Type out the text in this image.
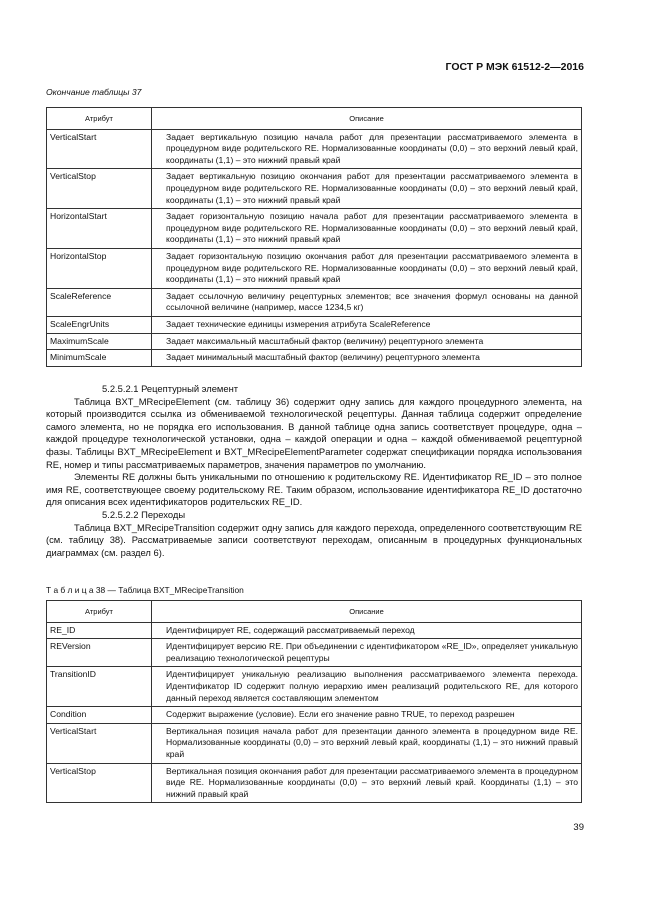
ГОСТ Р МЭК 61512-2—2016
Окончание таблицы 37
Атрибут	Описание
VerticalStart	Задает вертикальную позицию начала работ для презентации рассматриваемого элемента в процедурном виде родительского RE. Нормализованные координаты (0,0) – это верхний левый край, координаты (1,1) – это нижний правый край
VerticalStop	Задает вертикальную позицию окончания работ для презентации рассматриваемого элемента в процедурном виде родительского RE. Нормализованные координаты (0,0) – это верхний левый край, координаты (1,1) – это нижний правый край
HorizontalStart	Задает горизонтальную позицию начала работ для презентации рассматриваемого элемента в процедурном виде родительского RE. Нормализованные координаты (0,0) – это верхний левый край, координаты (1,1) – это нижний правый край
HorizontalStop	Задает горизонтальную позицию окончания работ для презентации рассматриваемого элемента в процедурном виде родительского RE. Нормализованные координаты (0,0) – это верхний левый край, координаты (1,1) – это нижний правый край
ScaleReference	Задает ссылочную величину рецептурных элементов; все значения формул основаны на данной ссылочной величине (например, массе 1234,5 кг)
ScaleEngrUnits	Задает технические единицы измерения атрибута ScaleReference
MaximumScale	Задает максимальный масштабный фактор (величину) рецептурного элемента
MinimumScale	Задает минимальный масштабный фактор (величину) рецептурного элемента

5.2.5.2.1 Рецептурный элемент

Таблица BXT_MRecipeElement (см. таблицу 36) содержит одну запись для каждого процедурного элемента, на который производится ссылка из обмениваемой технологической рецептуры. Данная таблица содержит определение самого элемента, но не порядка его использования. В данной таблице одна запись соответствует процедуре, одна – каждой процедуре технологической установки, одна – каждой операции и одна – каждой обмениваемой рецептурной фазы. Таблицы BXT_MRecipeElement и BXT_MRecipeElementParameter содержат спецификации порядка использования RE, номер и типы рассматриваемых параметров, значения параметров по умолчанию.

Элементы RE должны быть уникальными по отношению к родительскому RE. Идентификатор RE_ID – это полное имя RE, соответствующее своему родительскому RE. Таким образом, использование идентификатора RE_ID достаточно для описания всех идентификаторов родительских RE_ID.

5.2.5.2.2 Переходы

Таблица BXT_MRecipeTransition содержит одну запись для каждого перехода, определенного соответствующим RE (см. таблицу 38). Рассматриваемые записи соответствуют переходам, описанным в процедурных функциональных диаграммах (см. раздел 6).

Т а б л и ц а 38 — Таблица BXT_MRecipeTransition
Атрибут	Описание
RE_ID	Идентифицирует RE, содержащий рассматриваемый переход
REVersion	Идентифицирует версию RE. При объединении с идентификатором «RE_ID», определяет уникальную реализацию технологической рецептуры
TransitionID	Идентифицирует уникальную реализацию выполнения рассматриваемого элемента перехода. Идентификатор ID содержит полную иерархию имен реализаций родительского RE, для которого данный переход является составляющим элементом
Condition	Содержит выражение (условие). Если его значение равно TRUE, то переход разрешен
VerticalStart	Вертикальная позиция начала работ для презентации данного элемента в процедурном виде RE. Нормализованные координаты (0,0) – это верхний левый край, координаты (1,1) – это нижний правый край
VerticalStop	Вертикальная позиция окончания работ для презентации рассматриваемого элемента в процедурном виде RE. Нормализованные координаты (0,0) – это верхний левый край. Координаты (1,1) – это нижний правый край
39
